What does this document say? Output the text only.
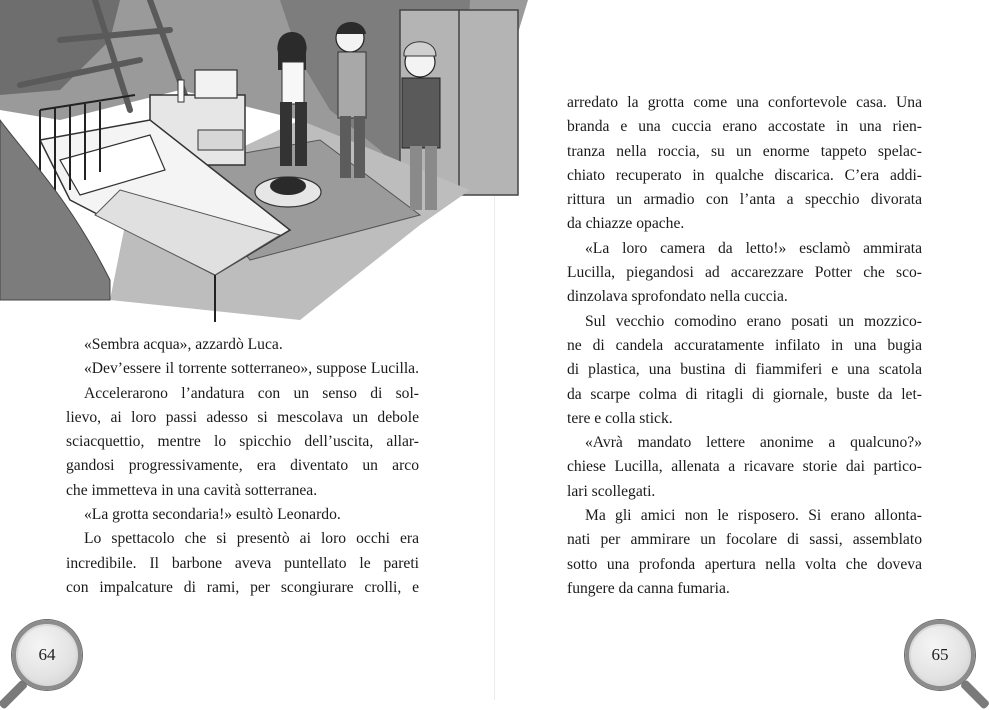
«Sembra acqua», azzardò Luca.
«Dev’essere il torrente sotterraneo», suppose Lucilla.
Accelerarono l’andatura con un senso di sol-
lievo, ai loro passi adesso si mescolava un debole
sciacquettio, mentre lo spicchio dell’uscita, allar-
gandosi progressivamente, era diventato un arco
che immetteva in una cavità sotterranea.
«La grotta secondaria!» esultò Leonardo.
Lo spettacolo che si presentò ai loro occhi era
incredibile. Il barbone aveva puntellato le pareti
con impalcature di rami, per scongiurare crolli, e
arredato la grotta come una confortevole casa. Una
branda e una cuccia erano accostate in una rien-
tranza nella roccia, su un enorme tappeto spelac-
chiato recuperato in qualche discarica. C’era addi-
rittura un armadio con l’anta a specchio divorata
da chiazze opache.
«La loro camera da letto!» esclamò ammirata
Lucilla, piegandosi ad accarezzare Potter che sco-
dinzolava sprofondato nella cuccia.
Sul vecchio comodino erano posati un mozzico-
ne di candela accuratamente infilato in una bugia
di plastica, una bustina di fiammiferi e una scatola
da scarpe colma di ritagli di giornale, buste da let-
tere e colla stick.
«Avrà mandato lettere anonime a qualcuno?»
chiese Lucilla, allenata a ricavare storie dai partico-
lari scollegati.
Ma gli amici non le risposero. Si erano allonta-
nati per ammirare un focolare di sassi, assemblato
sotto una profonda apertura nella volta che doveva
fungere da canna fumaria.
64	65
